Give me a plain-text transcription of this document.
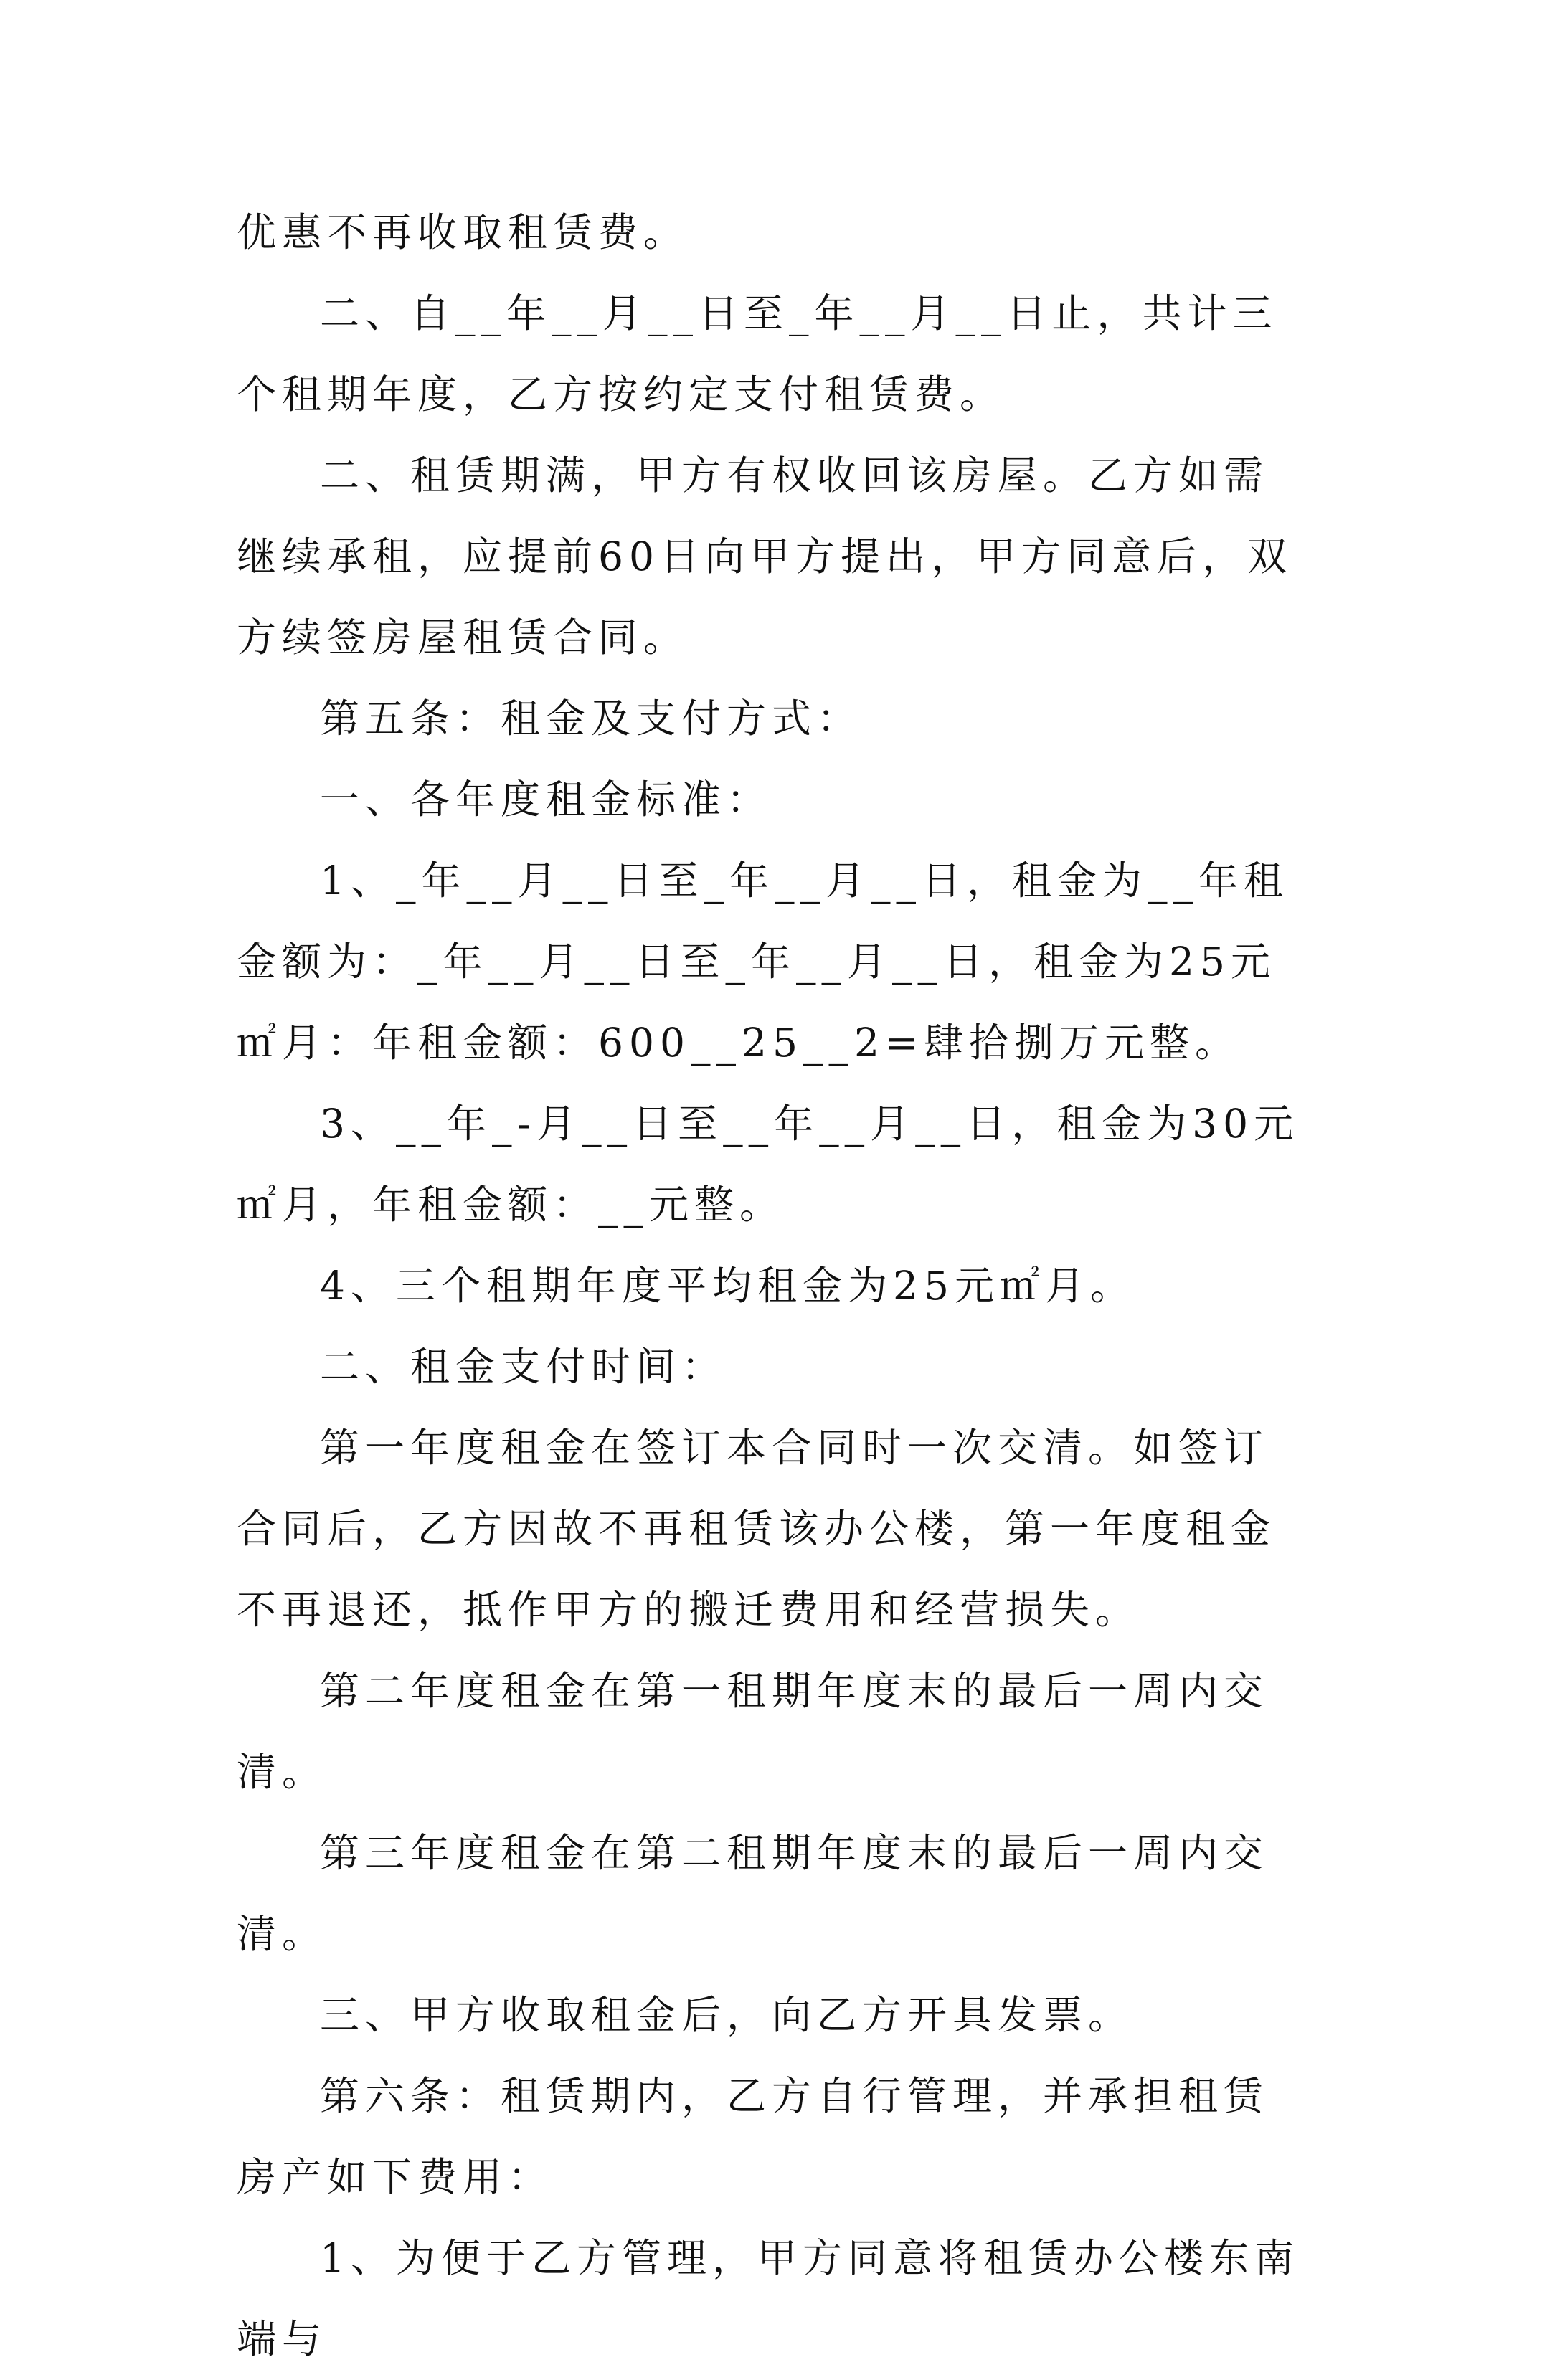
优惠不再收取租赁费。

二、自__年__月__日至_年__月__日止，共计三个租期年度，乙方按约定支付租赁费。

二、租赁期满，甲方有权收回该房屋。乙方如需继续承租，应提前60日向甲方提出，甲方同意后，双方续签房屋租赁合同。

第五条：租金及支付方式：

一、各年度租金标准：

1、_年__月__日至_年__月__日，租金为__年租金额为：_年__月__日至_年__月__日，租金为25元㎡月：年租金额：600__25__2=肆拾捌万元整。

3、__年_-月__日至__年__月__日，租金为30元㎡月，年租金额：__元整。

4、三个租期年度平均租金为25元㎡月。

二、租金支付时间：

第一年度租金在签订本合同时一次交清。如签订合同后，乙方因故不再租赁该办公楼，第一年度租金不再退还，抵作甲方的搬迁费用和经营损失。

第二年度租金在第一租期年度末的最后一周内交清。

第三年度租金在第二租期年度末的最后一周内交清。

三、甲方收取租金后，向乙方开具发票。

第六条：租赁期内，乙方自行管理，并承担租赁房产如下费用：

1、为便于乙方管理，甲方同意将租赁办公楼东南端与
